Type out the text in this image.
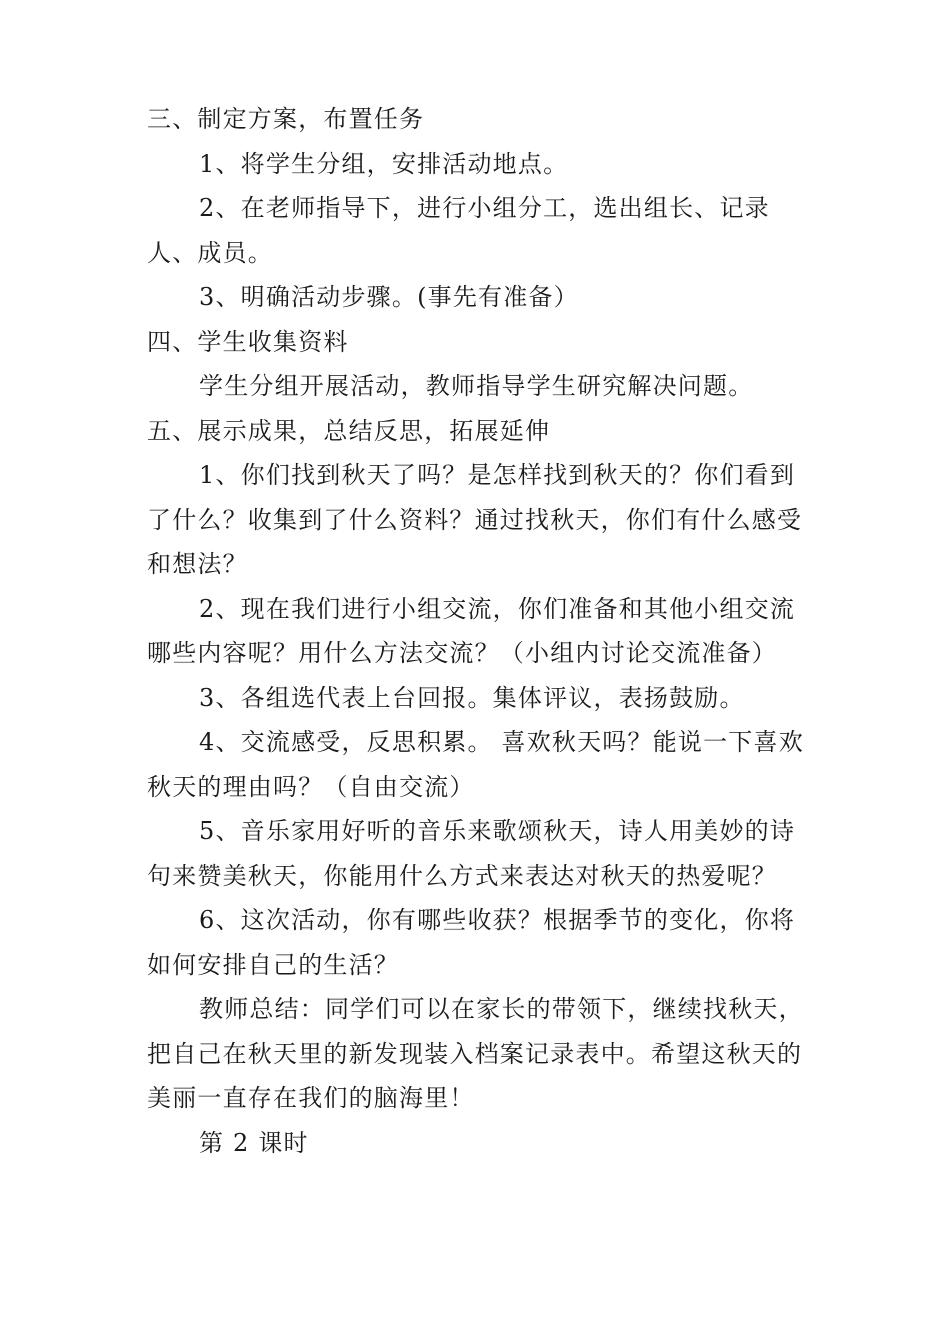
三、制定方案，布置任务

1、将学生分组，安排活动地点。

2、在老师指导下，进行小组分工，选出组长、记录人、成员。

3、明确活动步骤。(事先有准备）

四、学生收集资料

学生分组开展活动，教师指导学生研究解决问题。

五、展示成果，总结反思，拓展延伸

1、你们找到秋天了吗？是怎样找到秋天的？你们看到了什么？收集到了什么资料？通过找秋天，你们有什么感受和想法？

2、现在我们进行小组交流，你们准备和其他小组交流哪些内容呢？用什么方法交流？（小组内讨论交流准备）

3、各组选代表上台回报。集体评议，表扬鼓励。

4、交流感受，反思积累。 喜欢秋天吗？能说一下喜欢秋天的理由吗？（自由交流）

5、音乐家用好听的音乐来歌颂秋天，诗人用美妙的诗句来赞美秋天，你能用什么方式来表达对秋天的热爱呢？

6、这次活动，你有哪些收获？根据季节的变化，你将如何安排自己的生活？

教师总结：同学们可以在家长的带领下，继续找秋天，把自己在秋天里的新发现装入档案记录表中。希望这秋天的美丽一直存在我们的脑海里！

第 2 课时
